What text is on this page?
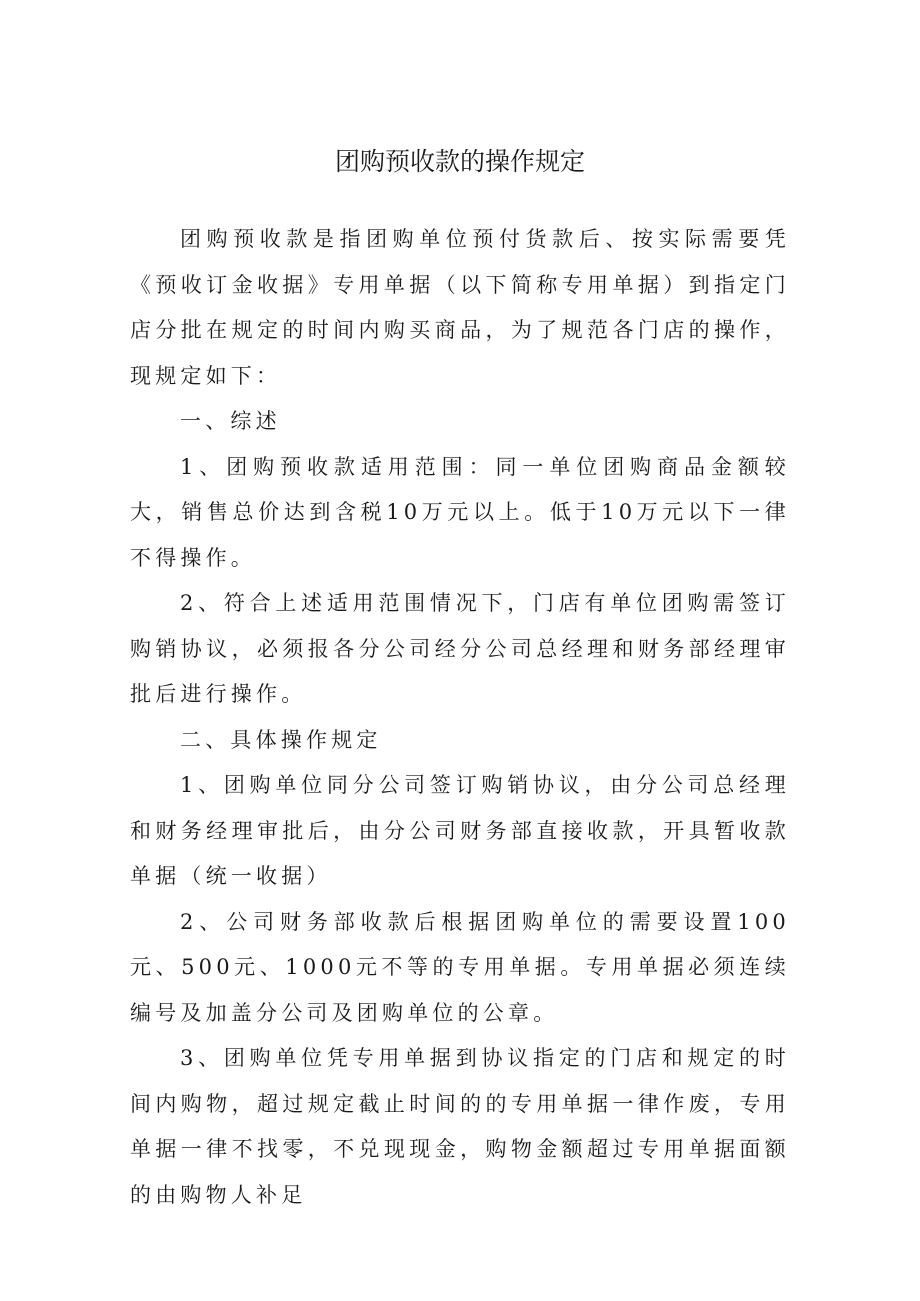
团购预收款的操作规定

团购预收款是指团购单位预付货款后、按实际需要凭《预收订金收据》专用单据（以下简称专用单据）到指定门店分批在规定的时间内购买商品，为了规范各门店的操作，现规定如下：

一、综述

1、团购预收款适用范围：同一单位团购商品金额较大，销售总价达到含税10万元以上。低于10万元以下一律不得操作。

2、符合上述适用范围情况下，门店有单位团购需签订购销协议，必须报各分公司经分公司总经理和财务部经理审批后进行操作。

二、具体操作规定

1、团购单位同分公司签订购销协议，由分公司总经理和财务经理审批后，由分公司财务部直接收款，开具暂收款单据（统一收据）

2、公司财务部收款后根据团购单位的需要设置100元、500元、1000元不等的专用单据。专用单据必须连续编号及加盖分公司及团购单位的公章。

3、团购单位凭专用单据到协议指定的门店和规定的时间内购物，超过规定截止时间的的专用单据一律作废，专用单据一律不找零，不兑现现金，购物金额超过专用单据面额的由购物人补足
